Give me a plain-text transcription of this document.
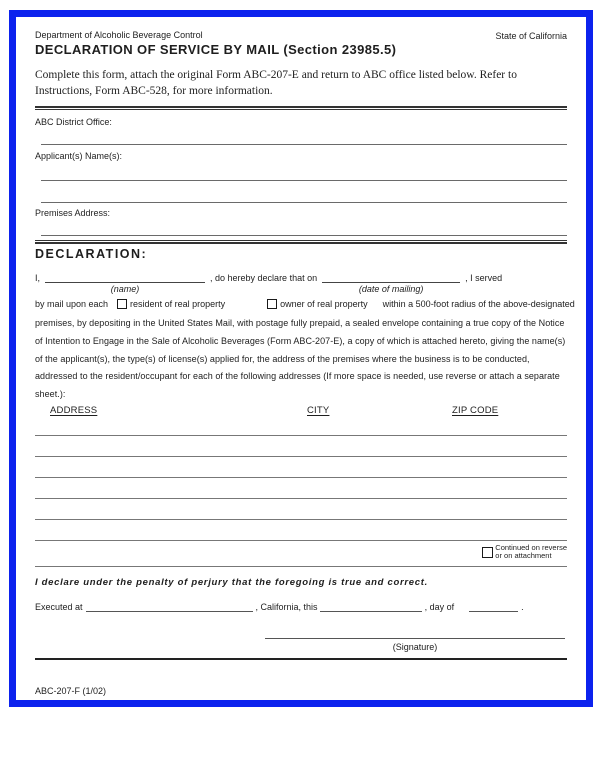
Department of Alcoholic Beverage Control
DECLARATION OF SERVICE BY MAIL (Section 23985.5)
State of California

Complete this form, attach the original Form ABC-207-E and return to ABC office listed below. Refer to Instructions, Form ABC-528, for more information.

ABC District Office:
Applicant(s) Name(s):
Premises Address:
DECLARATION:
I,
(name)
, do hereby declare that on
(date of mailing)
, I served
by mail upon each resident of real property	owner of real property within a 500-foot radius of the above-designated

premises, by depositing in the United States Mail, with postage fully prepaid, a sealed envelope containing a true copy of the Notice of Intention to Engage in the Sale of Alcoholic Beverages (Form ABC-207-E), a copy of which is attached hereto, giving the name(s) of the applicant(s), the type(s) of license(s) applied for, the address of the premises where the business is to be conducted, addressed to the resident/occupant for each of the following addresses (If more space is needed, use reverse or attach a separate sheet.):

ADDRESS	CITY	ZIP CODE
Continued on reverse
or on attachment

I declare under the penalty of perjury that the foregoing is true and correct.

Executed at	, California, this	, day of	.
(Signature)
ABC-207-F (1/02)
